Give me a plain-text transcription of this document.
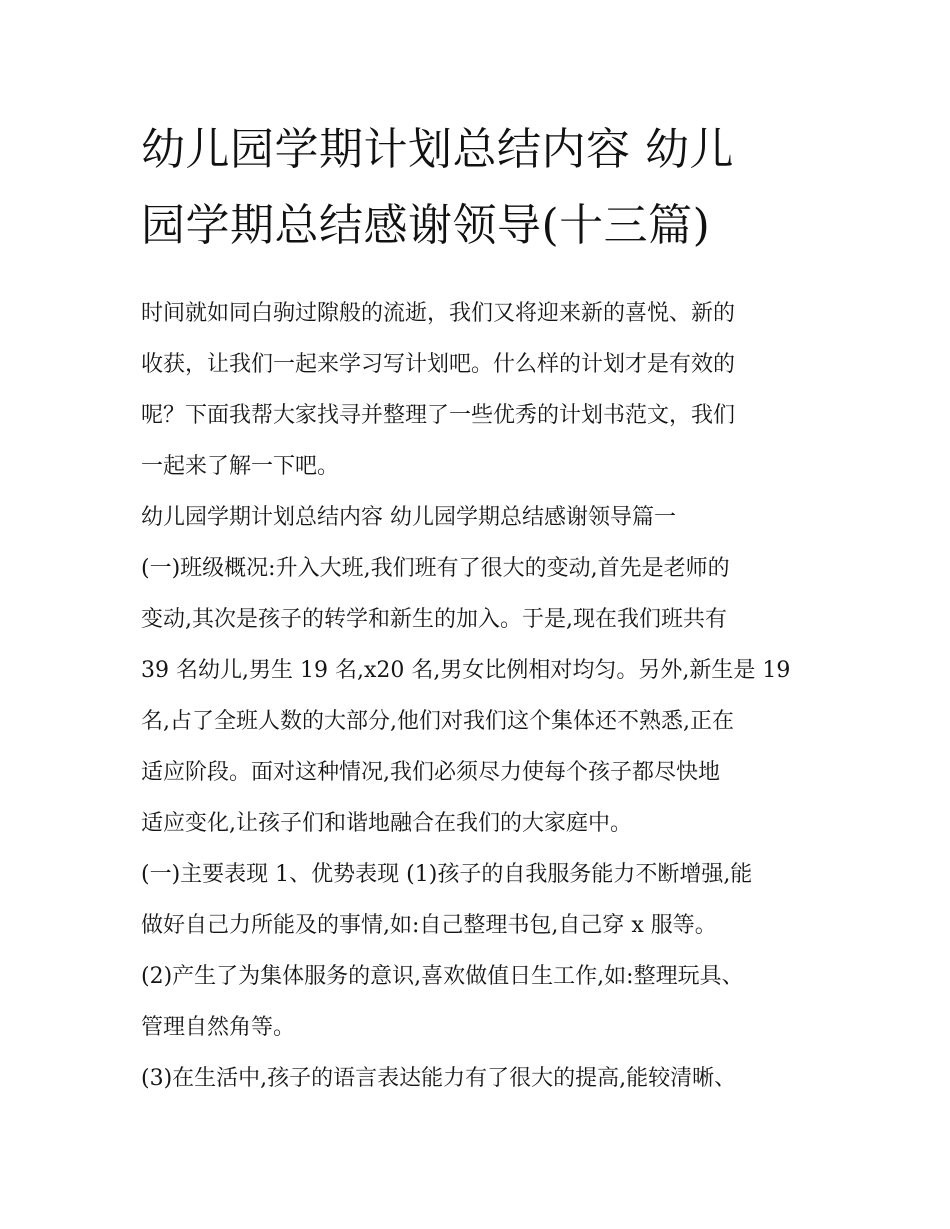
幼儿园学期计划总结内容 幼儿
园学期总结感谢领导(十三篇)
时间就如同白驹过隙般的流逝，我们又将迎来新的喜悦、新的
收获，让我们一起来学习写计划吧。什么样的计划才是有效的
呢？下面我帮大家找寻并整理了一些优秀的计划书范文，我们
一起来了解一下吧。
幼儿园学期计划总结内容 幼儿园学期总结感谢领导篇一
(一)班级概况:升入大班,我们班有了很大的变动,首先是老师的
变动,其次是孩子的转学和新生的加入。于是,现在我们班共有
39 名幼儿,男生 19 名,x20 名,男女比例相对均匀。另外,新生是 19
名,占了全班人数的大部分,他们对我们这个集体还不熟悉,正在
适应阶段。面对这种情况,我们必须尽力使每个孩子都尽快地
适应变化,让孩子们和谐地融合在我们的大家庭中。
(一)主要表现 1、优势表现 (1)孩子的自我服务能力不断增强,能
做好自己力所能及的事情,如:自己整理书包,自己穿 x 服等。
(2)产生了为集体服务的意识,喜欢做值日生工作,如:整理玩具、
管理自然角等。
(3)在生活中,孩子的语言表达能力有了很大的提高,能较清晰、
